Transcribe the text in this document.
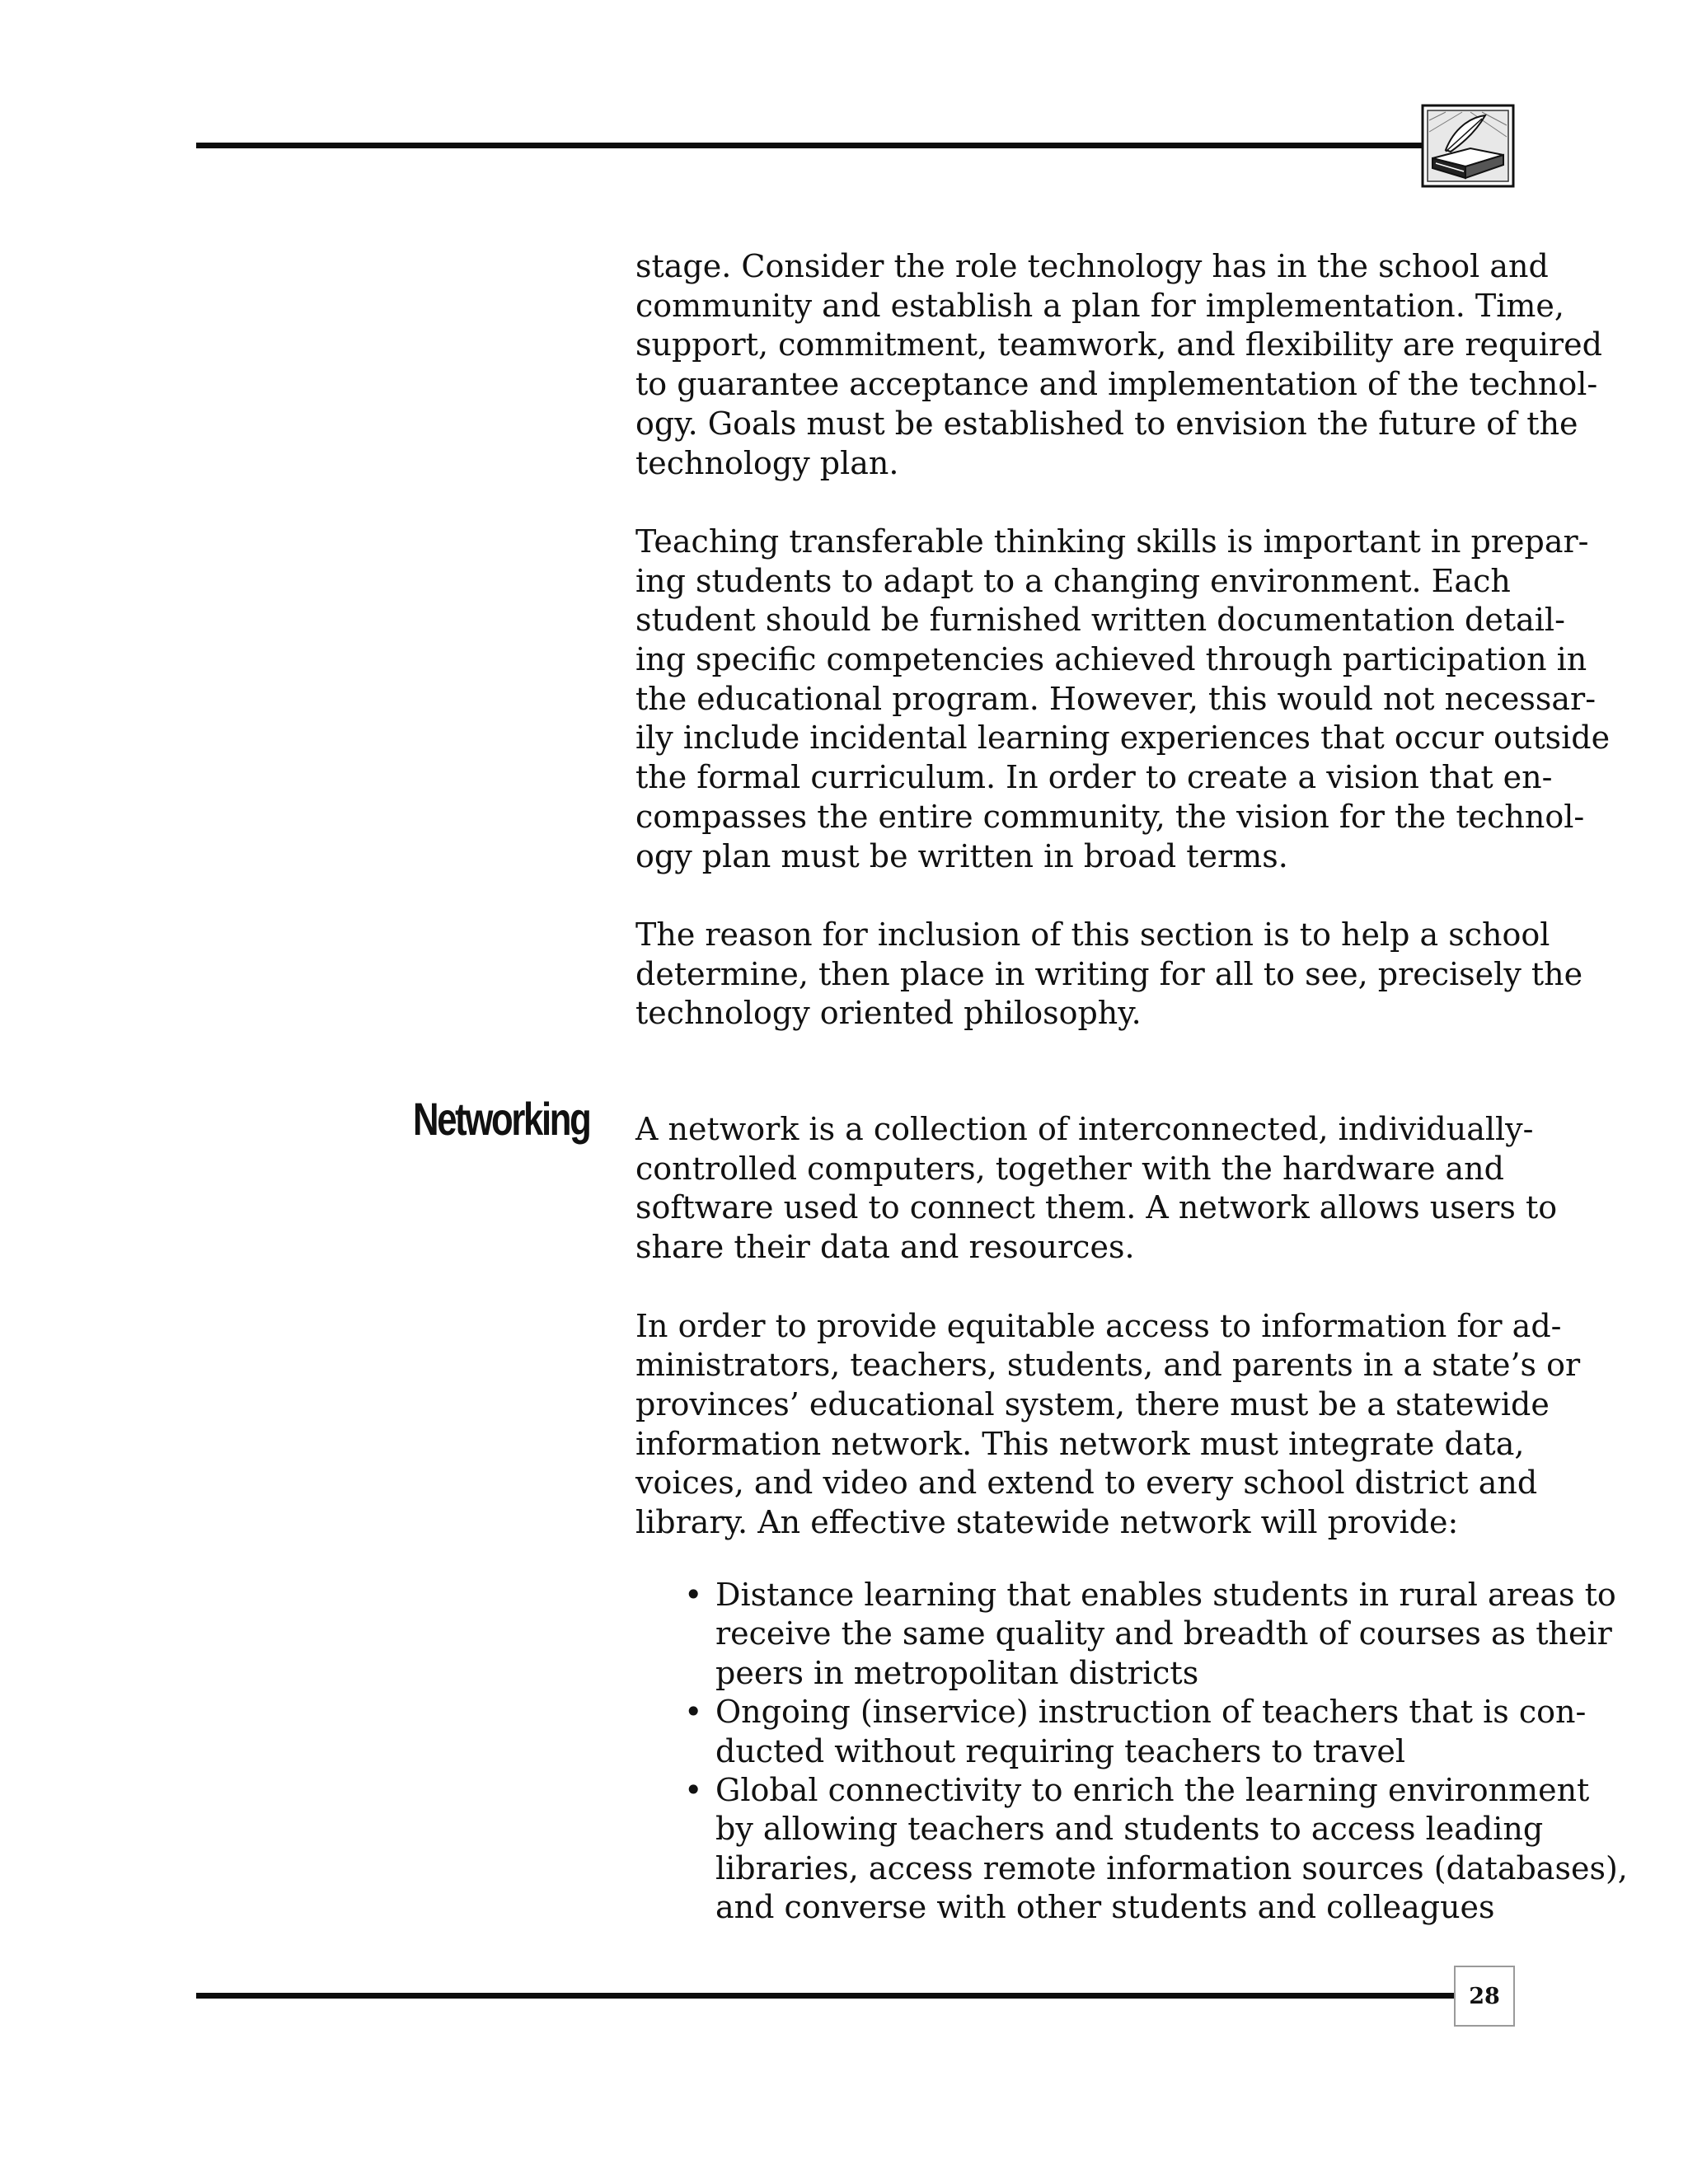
stage. Consider the role technology has in the school and
community and establish a plan for implementation. Time,
support, commitment, teamwork, and flexibility are required
to guarantee acceptance and implementation of the technol-
ogy. Goals must be established to envision the future of the
technology plan.

Teaching transferable thinking skills is important in prepar-
ing students to adapt to a changing environment. Each
student should be furnished written documentation detail-
ing specific competencies achieved through participation in
the educational program. However, this would not necessar-
ily include incidental learning experiences that occur outside
the formal curriculum. In order to create a vision that en-
compasses the entire community, the vision for the technol-
ogy plan must be written in broad terms.

The reason for inclusion of this section is to help a school
determine, then place in writing for all to see, precisely the
technology oriented philosophy.

Networking A network is a collection of interconnected, individually-
controlled computers, together with the hardware and
software used to connect them. A network allows users to
share their data and resources.

In order to provide equitable access to information for ad-
ministrators, teachers, students, and parents in a state’s or
provinces’ educational system, there must be a statewide
information network. This network must integrate data,
voices, and video and extend to every school district and
library. An effective statewide network will provide:

• Distance learning that enables students in rural areas to
receive the same quality and breadth of courses as their
peers in metropolitan districts
• Ongoing (inservice) instruction of teachers that is con-
ducted without requiring teachers to travel
• Global connectivity to enrich the learning environment
by allowing teachers and students to access leading
libraries, access remote information sources (databases),
and converse with other students and colleagues
28
